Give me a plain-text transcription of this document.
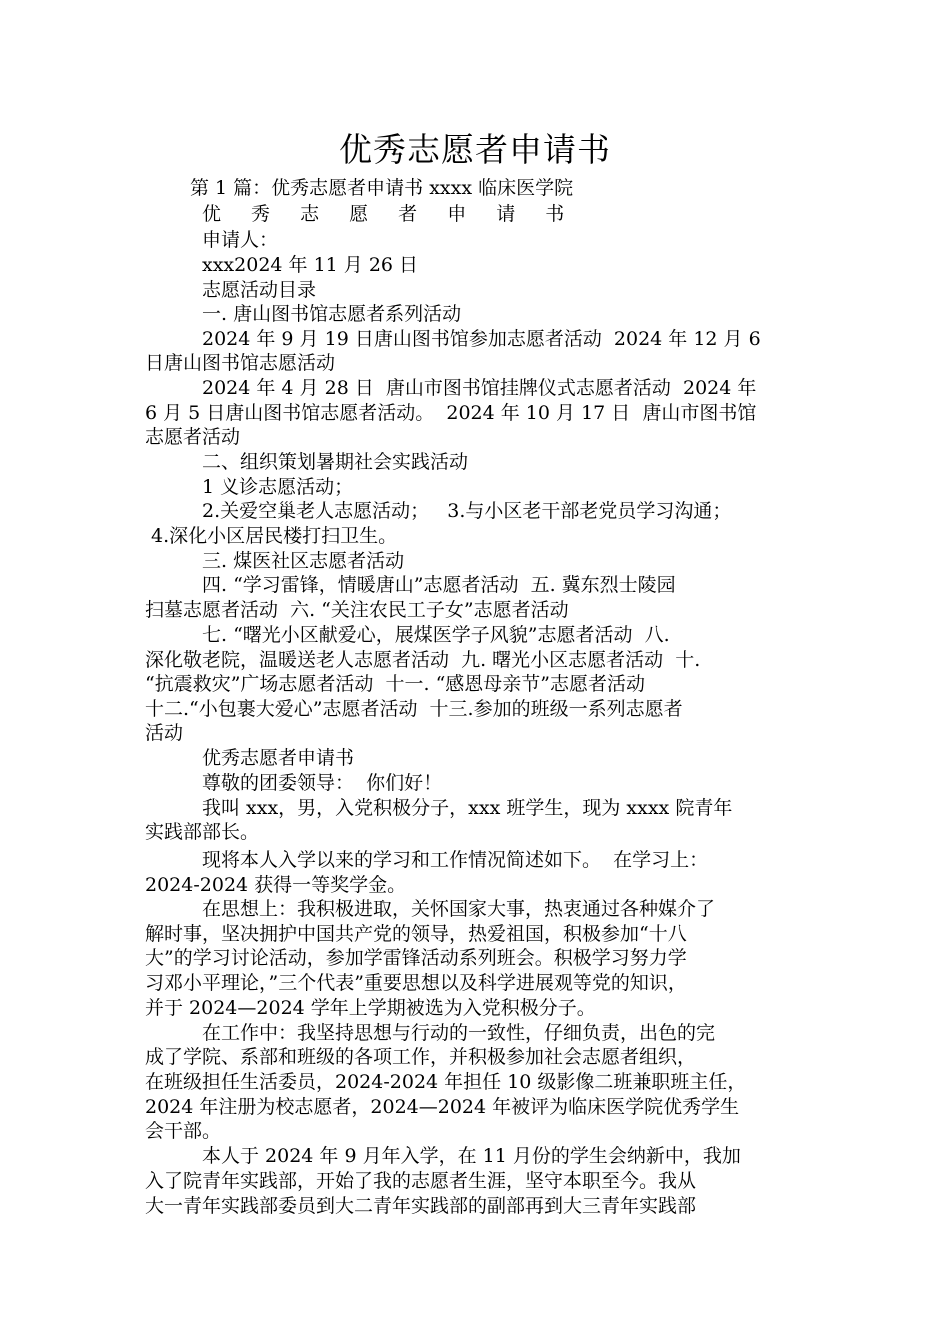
优秀志愿者申请书
第 1 篇：优秀志愿者申请书 xxxx 临床医学院
优 秀 志 愿 者 申 请 书
申请人：
xxx2024 年 11 月 26 日
志愿活动目录
一. 唐山图书馆志愿者系列活动
2024 年 9 月 19 日唐山图书馆参加志愿者活动  2024 年 12 月 6
日唐山图书馆志愿活动
2024 年 4 月 28 日  唐山市图书馆挂牌仪式志愿者活动  2024 年
6 月 5 日唐山图书馆志愿者活动。  2024 年 10 月 17 日  唐山市图书馆
志愿者活动
二、组织策划暑期社会实践活动
1 义诊志愿活动；
2.关爱空巢老人志愿活动；   3.与小区老干部老党员学习沟通；
4.深化小区居民楼打扫卫生。
三. 煤医社区志愿者活动
四. “学习雷锋，情暖唐山”志愿者活动  五. 冀东烈士陵园
扫墓志愿者活动  六. “关注农民工子女”志愿者活动
七. “曙光小区献爱心，展煤医学子风貌”志愿者活动  八.
深化敬老院，温暖送老人志愿者活动  九. 曙光小区志愿者活动  十.
“抗震救灾”广场志愿者活动  十一. “感恩母亲节”志愿者活动
十二.“小包裹大爱心”志愿者活动  十三.参加的班级一系列志愿者
活动
优秀志愿者申请书
尊敬的团委领导：  你们好！
我叫 xxx，男，入党积极分子，xxx 班学生，现为 xxxx 院青年
实践部部长。
现将本人入学以来的学习和工作情况简述如下。  在学习上：
2024-2024 获得一等奖学金。
在思想上：我积极进取，关怀国家大事，热衷通过各种媒介了
解时事，坚决拥护中国共产党的领导，热爱祖国，积极参加“十八
大”的学习讨论活动，参加学雷锋活动系列班会。积极学习努力学
习邓小平理论，”三个代表”重要思想以及科学进展观等党的知识，
并于 2024—2024 学年上学期被选为入党积极分子。
在工作中：我坚持思想与行动的一致性，仔细负责，出色的完
成了学院、系部和班级的各项工作，并积极参加社会志愿者组织，
在班级担任生活委员，2024-2024 年担任 10 级影像二班兼职班主任，
2024 年注册为校志愿者，2024—2024 年被评为临床医学院优秀学生
会干部。
本人于 2024 年 9 月年入学，在 11 月份的学生会纳新中，我加
入了院青年实践部，开始了我的志愿者生涯，坚守本职至今。我从
大一青年实践部委员到大二青年实践部的副部再到大三青年实践部
